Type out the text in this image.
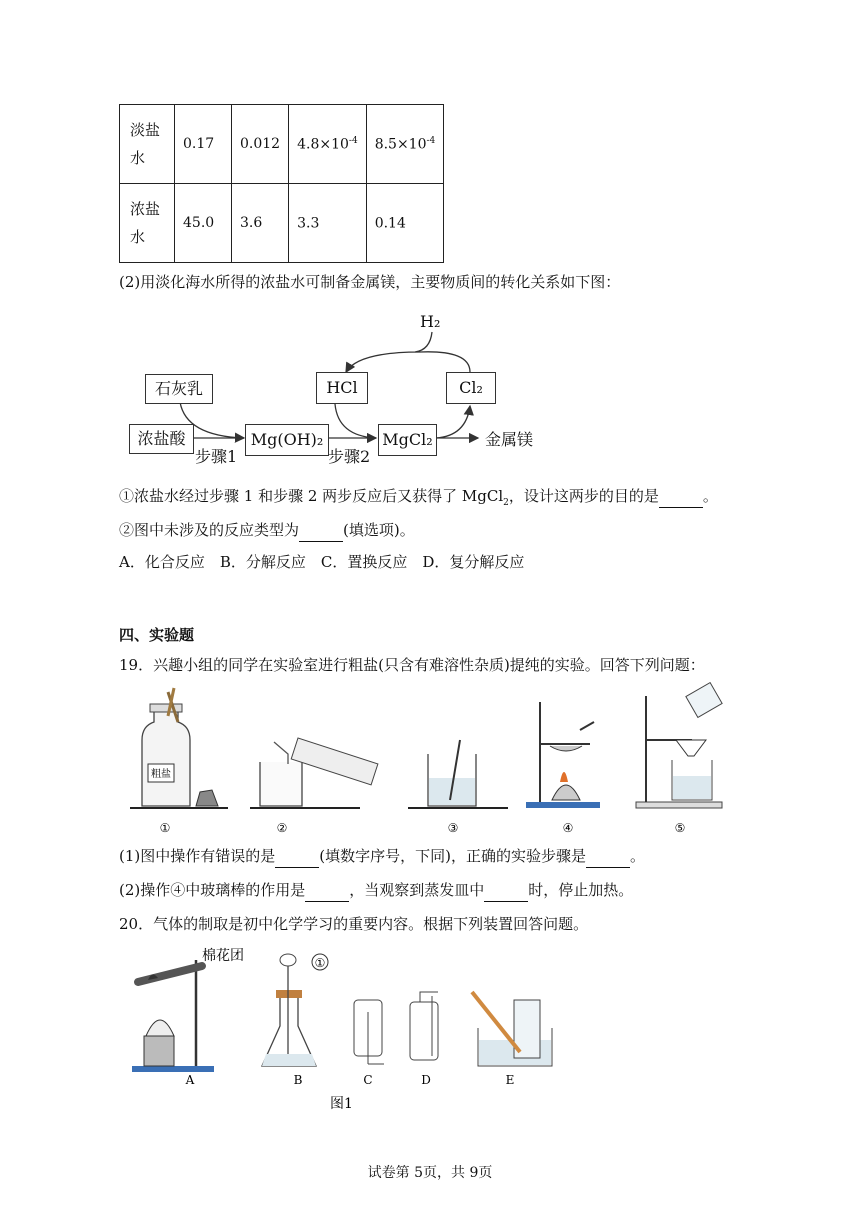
淡盐水	0.17	0.012	$4.8\times 10^{-4}$	$8.5\times 10^{-4}$
浓盐水	45.0	3.6	3.3	0.14
(2)用淡化海水所得的浓盐水可制备金属镁，主要物质间的转化关系如下图：
H₂
石灰乳	HCl	Cl₂
浓盐酸	Mg(OH)₂	MgCl₂	金属镁
步骤1	步骤2
①浓盐水经过步骤 1 和步骤 2 两步反应后又获得了 MgCl$_2$，设计这两步的目的是	。
②图中未涉及的反应类型为	(填选项)。
A．化合反应　B．分解反应　C．置换反应　D．复分解反应
四、实验题
19．兴趣小组的同学在实验室进行粗盐(只含有难溶性杂质)提纯的实验。回答下列问题：
粗盐
①	②	③	④	⑤
(1)图中操作有错误的是	(填数字序号，下同)，正确的实验步骤是	。
(2)操作④中玻璃棒的作用是	，当观察到蒸发皿中	时，停止加热。
20．气体的制取是初中化学学习的重要内容。根据下列装置回答问题。
棉花团	①
A	B	C	D	E
图1
试卷第 5页，共 9页
